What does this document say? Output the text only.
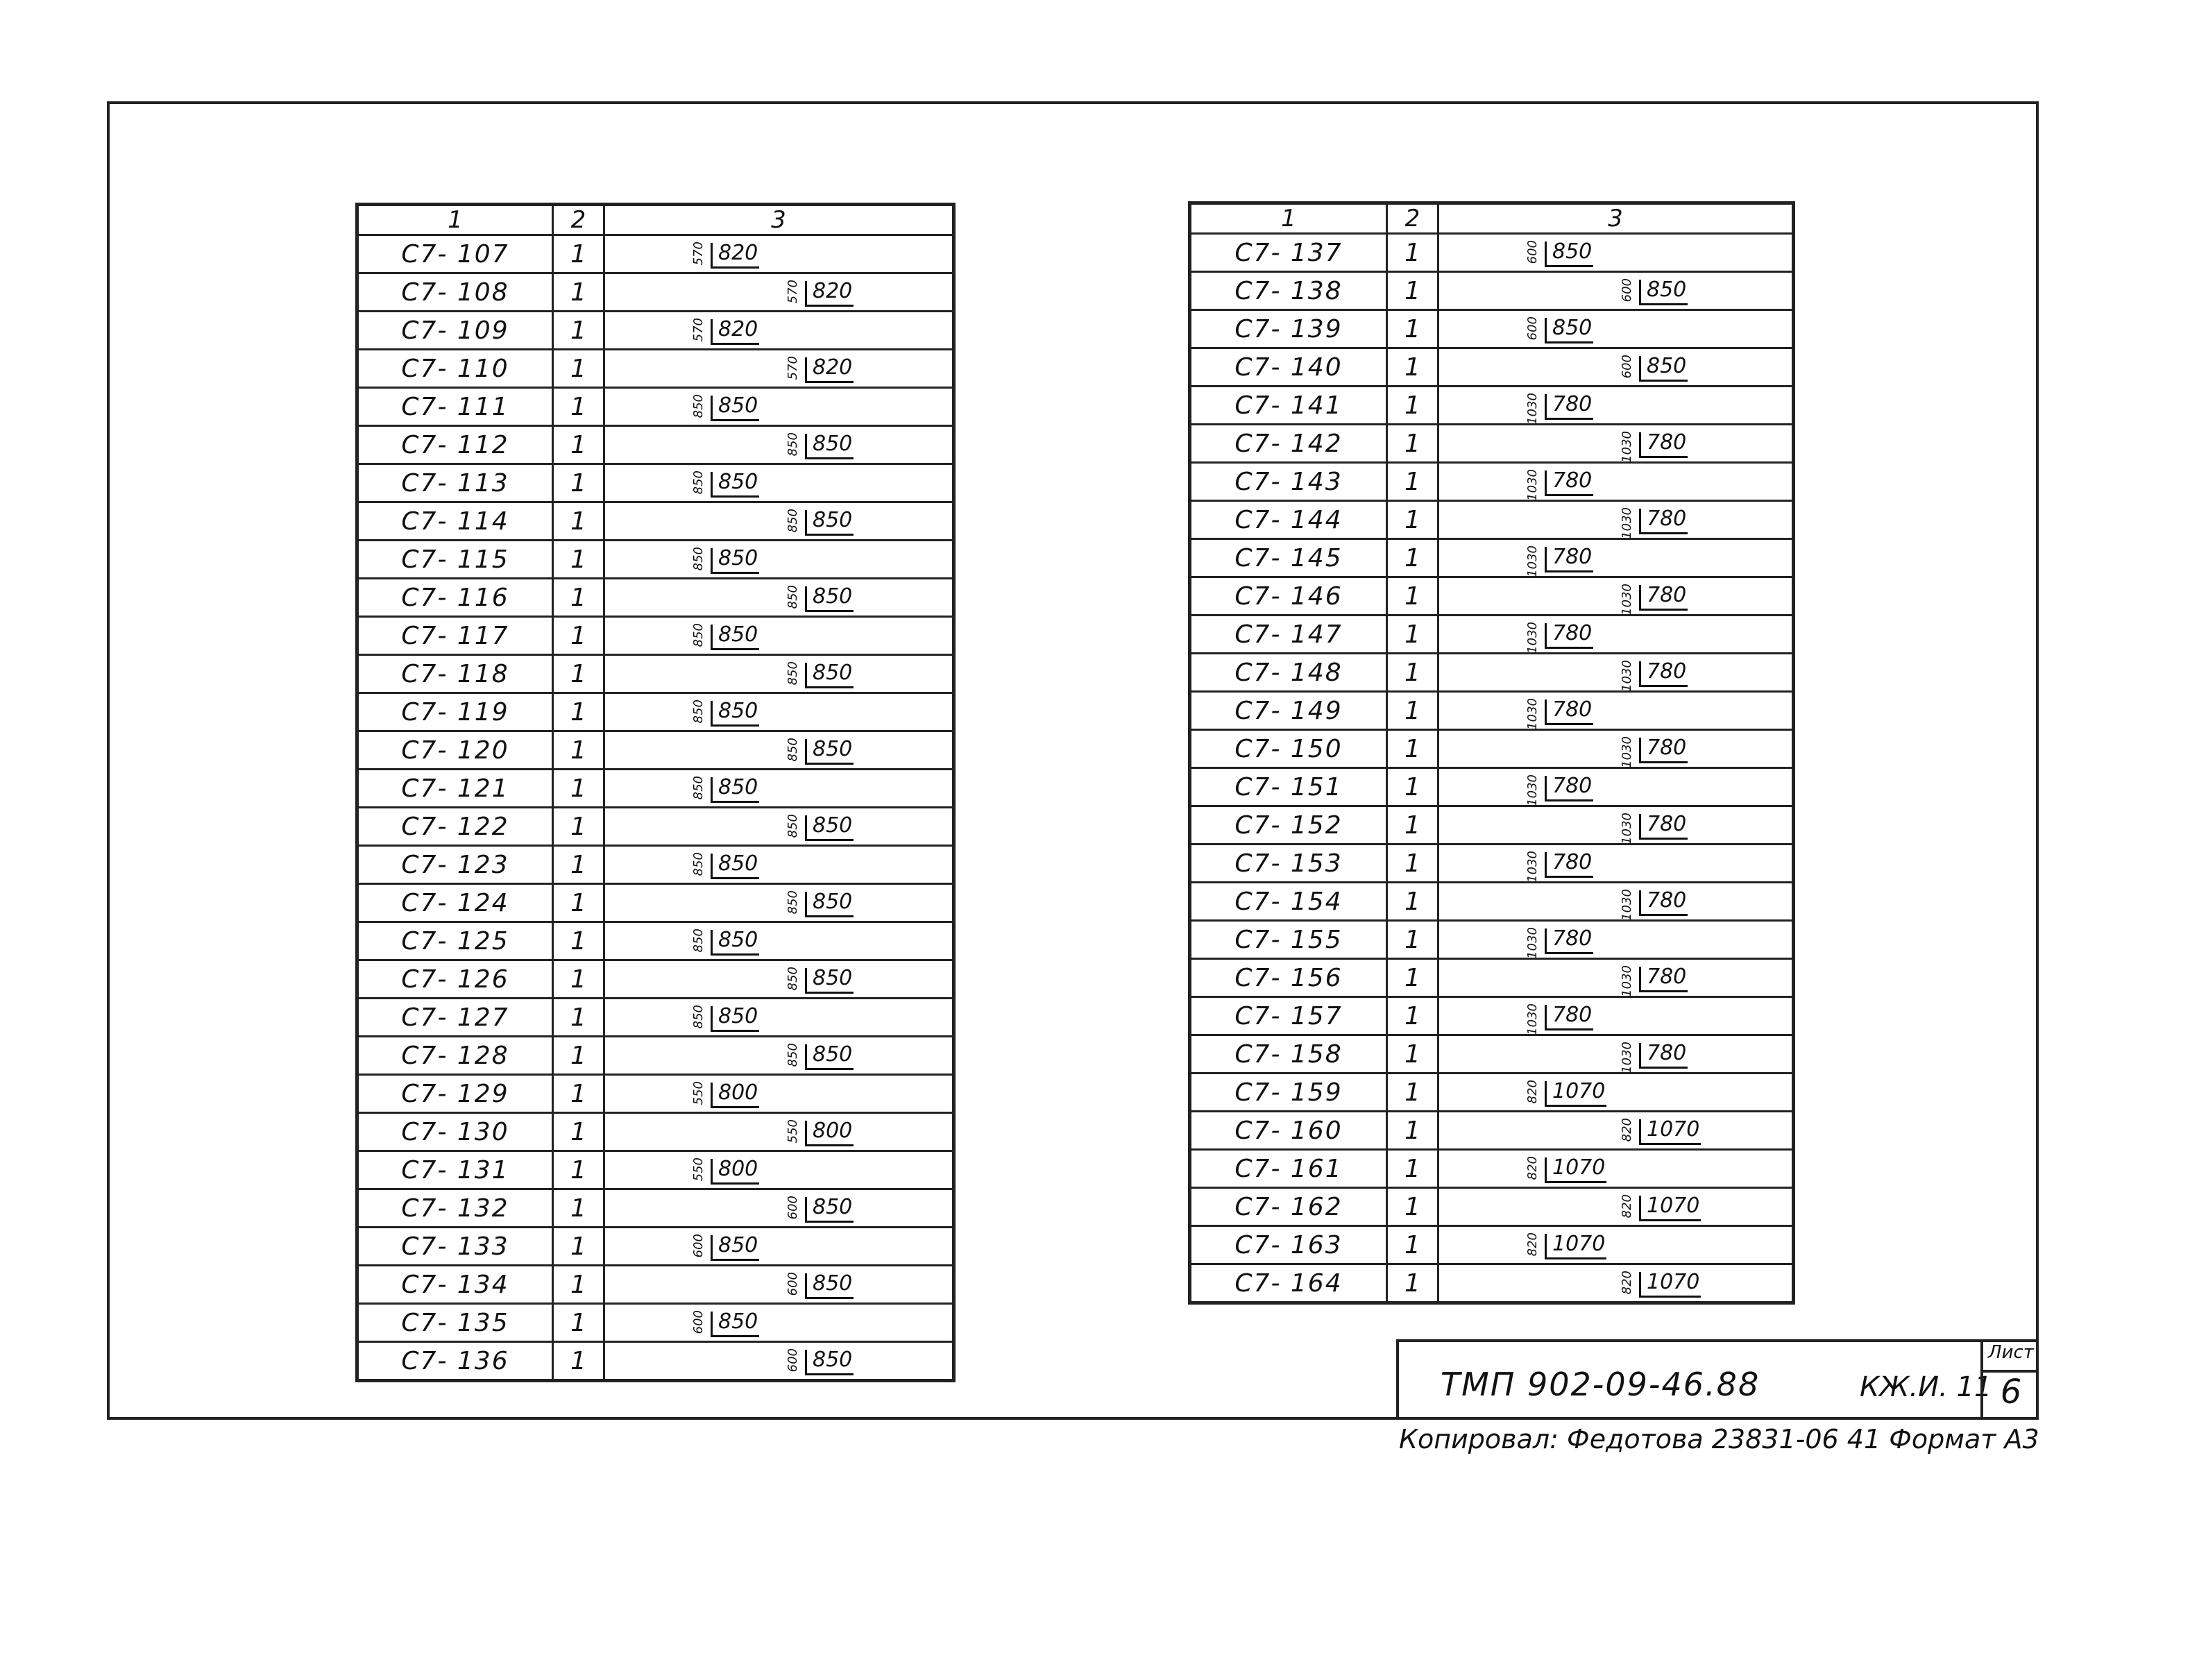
1	2	3
С7- 107	1	570 820

С7- 108	1	570 820

С7- 109	1	570 820

С7- 110	1	570 820

С7- 111	1	850 850

С7- 112	1	850 850

С7- 113	1	850 850

С7- 114	1	850 850

С7- 115	1	850 850

С7- 116	1	850 850

С7- 117	1	850 850

С7- 118	1	850 850

С7- 119	1	850 850

С7- 120	1	850 850

С7- 121	1	850 850

С7- 122	1	850 850

С7- 123	1	850 850

С7- 124	1	850 850

С7- 125	1	850 850

С7- 126	1	850 850

С7- 127	1	850 850

С7- 128	1	850 850

С7- 129	1	550 800

С7- 130	1	550 800

С7- 131	1	550 800

С7- 132	1	600 850

С7- 133	1	600 850

С7- 134	1	600 850

С7- 135	1	600 850

С7- 136	1	600 850
1	2	3
С7- 137	1	600 850

С7- 138	1	600 850

С7- 139	1	600 850

С7- 140	1	600 850

С7- 141	1	1030 780

С7- 142	1	1030 780

С7- 143	1	1030 780

С7- 144	1	1030 780

С7- 145	1	1030 780

С7- 146	1	1030 780

С7- 147	1	1030 780

С7- 148	1	1030 780

С7- 149	1	1030 780

С7- 150	1	1030 780

С7- 151	1	1030 780

С7- 152	1	1030 780

С7- 153	1	1030 780

С7- 154	1	1030 780

С7- 155	1	1030 780

С7- 156	1	1030 780

С7- 157	1	1030 780

С7- 158	1	1030 780

С7- 159	1	820 1070

С7- 160	1	820 1070

С7- 161	1	820 1070

С7- 162	1	820 1070

С7- 163	1	820 1070

С7- 164	1	820 1070
ТМП 902-09-46.88	КЖ.И. 11
Лист
6
Копировал: Федотова 23831-06 41 Формат А3
